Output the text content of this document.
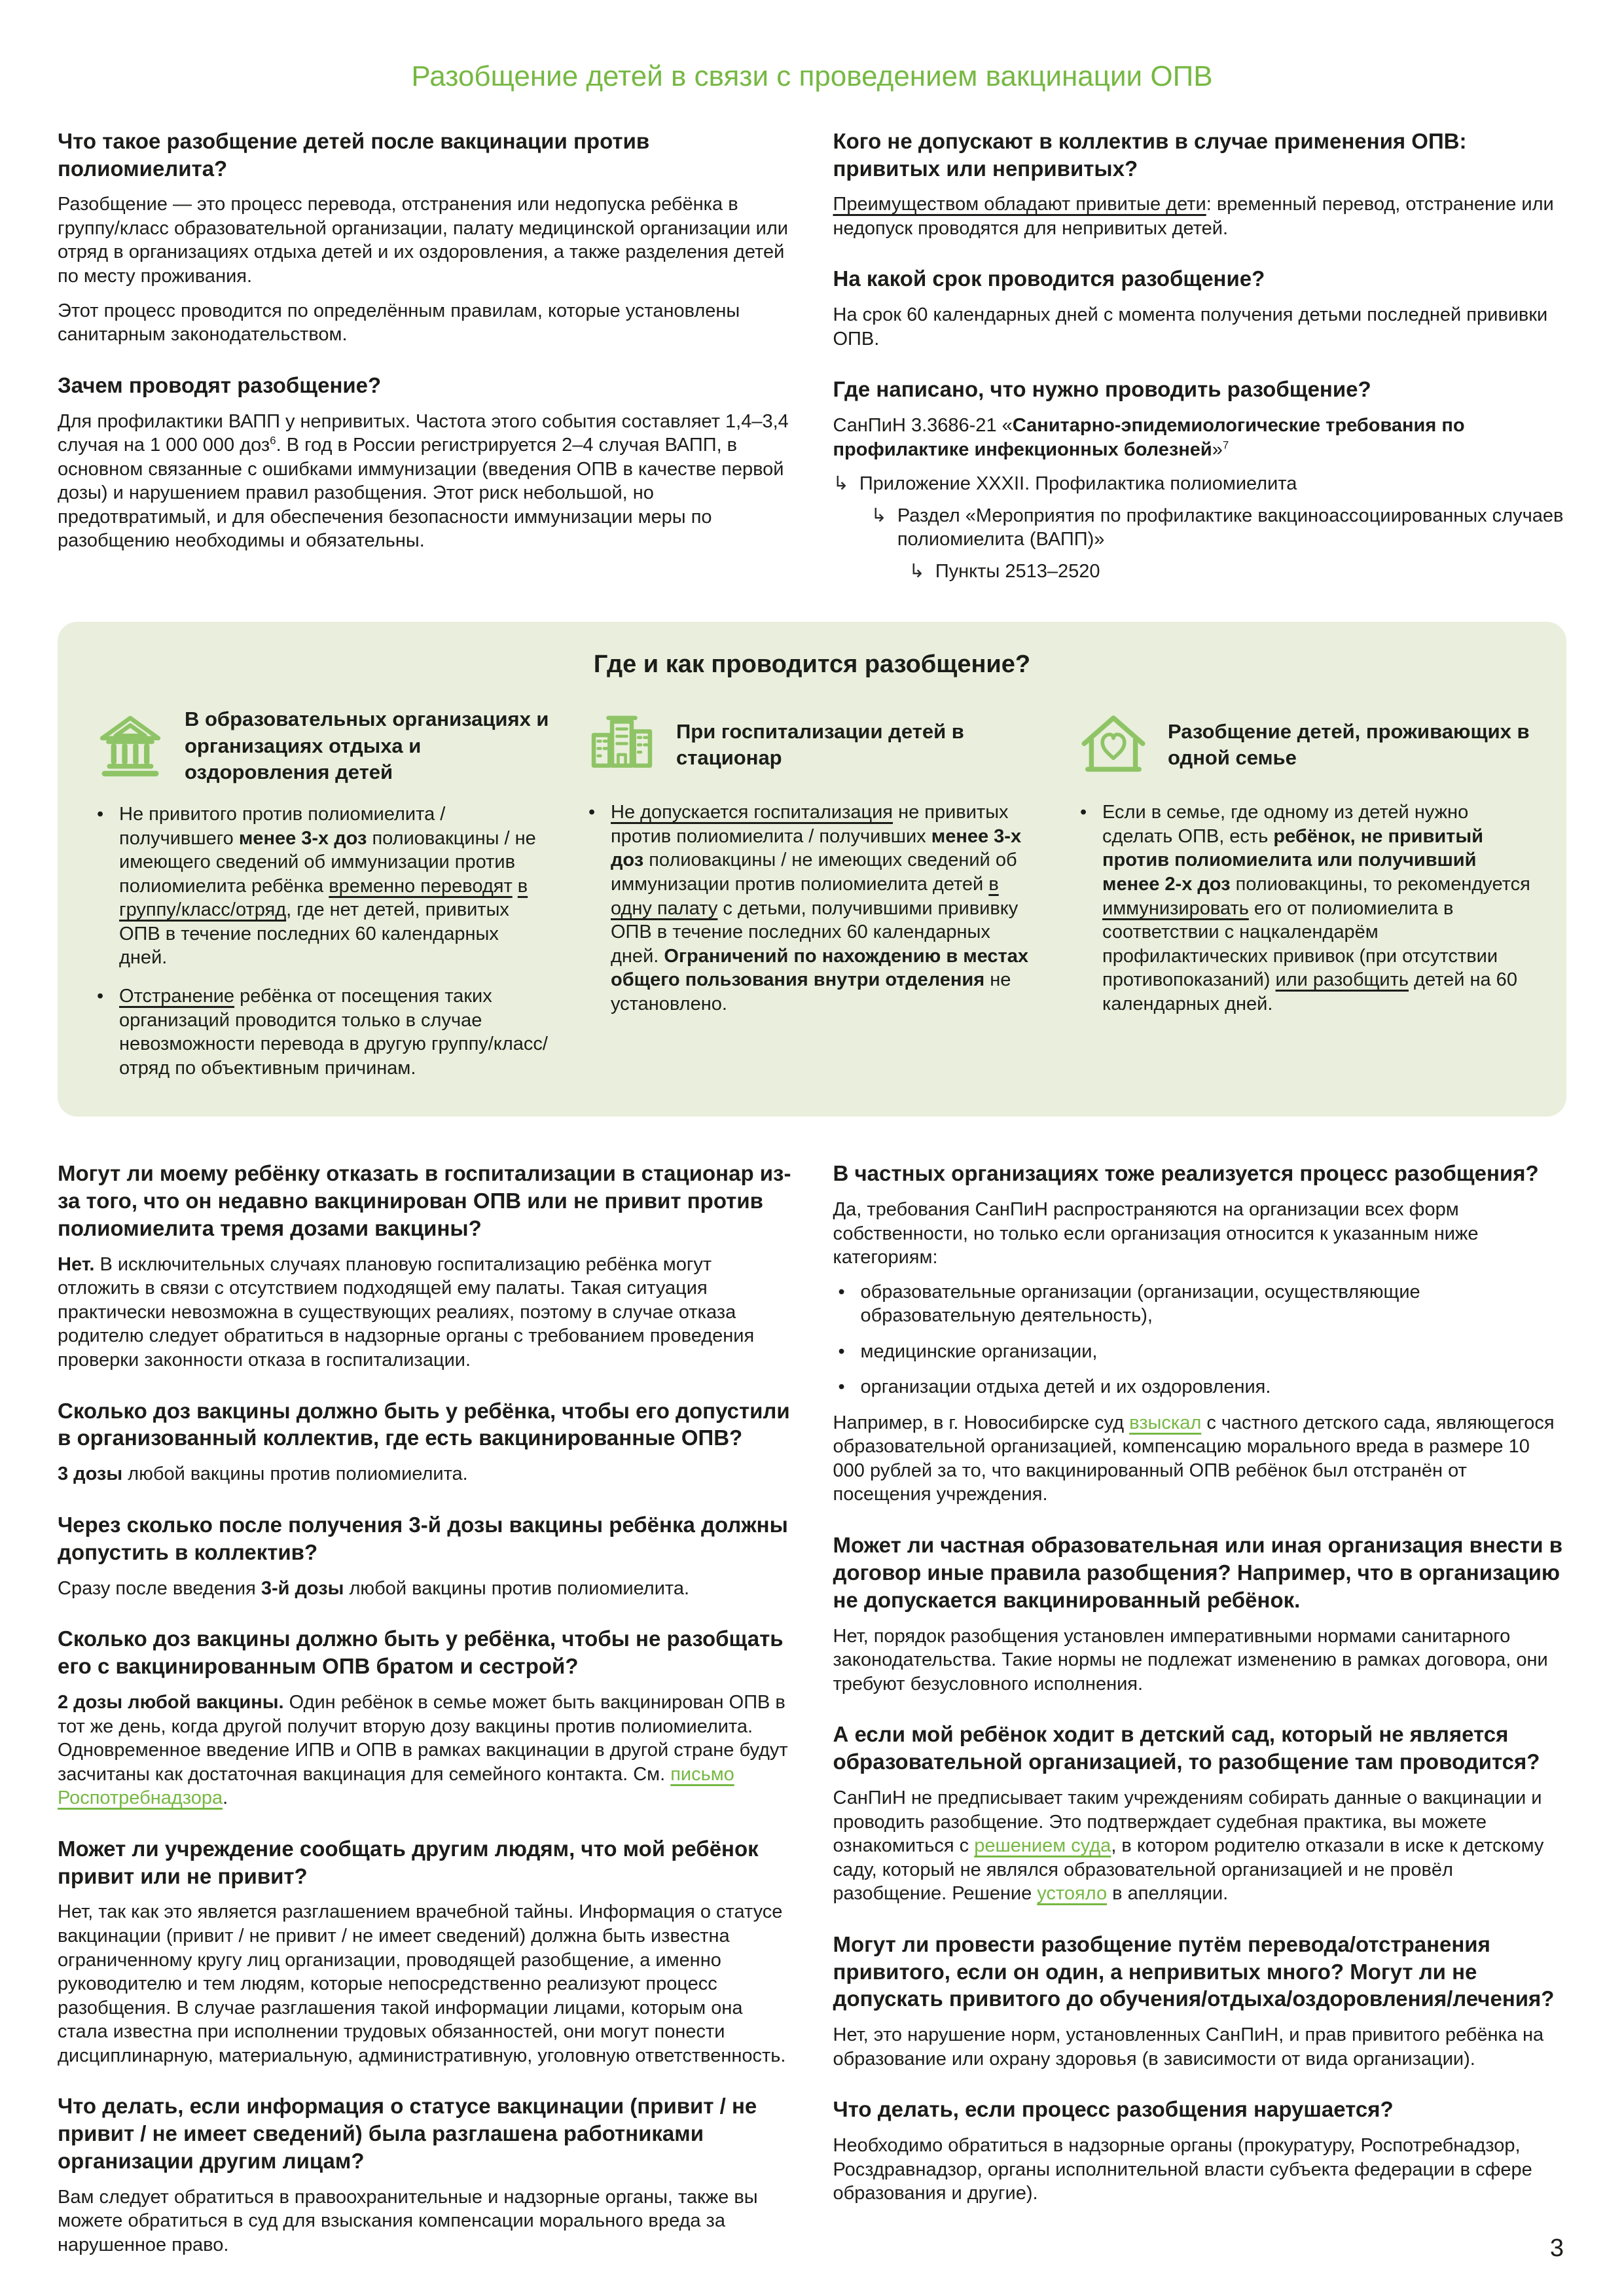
Разобщение детей в связи с проведением вакцинации ОПВ
Что такое разобщение детей после вакцинации против полиомиелита?

Разобщение — это процесс перевода, отстранения или недопуска ребёнка в группу/класс образовательной организации, палату медицинской организации или отряд в организациях отдыха детей и их оздоровления, а также разделения детей по месту проживания.

Этот процесс проводится по определённым правилам, которые установлены санитарным законодательством.

Зачем проводят разобщение?

Для профилактики ВАПП у непривитых. Частота этого события составляет 1,4–3,4 случая на 1 000 000 доз$^6$. В год в России регистрируется 2–4 случая ВАПП, в основном связанные с ошибками иммунизации (введения ОПВ в качестве первой дозы) и нарушением правил разобщения. Этот риск небольшой, но предотвратимый, и для обеспечения безопасности иммунизации меры по разобщению необходимы и обязательны.

Кого не допускают в коллектив в случае применения ОПВ: привитых или непривитых?

Преимуществом обладают привитые дети: временный перевод, отстранение или недопуск проводятся для непривитых детей.

На какой срок проводится разобщение?

На срок 60 календарных дней с момента получения детьми последней прививки ОПВ.

Где написано, что нужно проводить разобщение?

СанПиН 3.3686-21 «Санитарно-эпидемиологические требования по профилактике инфекционных болезней»$^7$

↳ Приложение XXXII. Профилактика полиомиелита
↳ Раздел «Мероприятия по профилактике вакциноассоциированных случаев полиомиелита (ВАПП)»
↳ Пункты 2513–2520
Где и как проводится разобщение?
В образовательных организациях и организациях отдыха и оздоровления детей
• Не привитого против полиомиелита / получившего менее 3-х доз полиовакцины / не имеющего сведений об иммунизации против полиомиелита ребёнка временно переводят в группу/класс/отряд, где нет детей, привитых ОПВ в течение последних 60 календарных дней.
• Отстранение ребёнка от посещения таких организаций проводится только в случае невозможности перевода в другую группу/класс/отряд по объективным причинам.
При госпитализации детей в стационар
• Не допускается госпитализация не привитых против полиомиелита / получивших менее 3-х доз полиовакцины / не имеющих сведений об иммунизации против полиомиелита детей в одну палату с детьми, получившими прививку ОПВ в течение последних 60 календарных дней. Ограничений по нахождению в местах общего пользования внутри отделения не установлено.
Разобщение детей, проживающих в одной семье
• Если в семье, где одному из детей нужно сделать ОПВ, есть ребёнок, не привитый против полиомиелита или получивший менее 2-х доз полиовакцины, то рекомендуется иммунизировать его от полиомиелита в соответствии с нацкалендарём профилактических прививок (при отсутствии противопоказаний) или разобщить детей на 60 календарных дней.
Могут ли моему ребёнку отказать в госпитализации в стационар из-за того, что он недавно вакцинирован ОПВ или не привит против полиомиелита тремя дозами вакцины?

Нет. В исключительных случаях плановую госпитализацию ребёнка могут отложить в связи с отсутствием подходящей ему палаты. Такая ситуация практически невозможна в существующих реалиях, поэтому в случае отказа родителю следует обратиться в надзорные органы с требованием проведения проверки законности отказа в госпитализации.

Сколько доз вакцины должно быть у ребёнка, чтобы его допустили в организованный коллектив, где есть вакцинированные ОПВ?

3 дозы любой вакцины против полиомиелита.

Через сколько после получения 3-й дозы вакцины ребёнка должны допустить в коллектив?

Сразу после введения 3-й дозы любой вакцины против полиомиелита.

Сколько доз вакцины должно быть у ребёнка, чтобы не разобщать его с вакцинированным ОПВ братом и сестрой?

2 дозы любой вакцины. Один ребёнок в семье может быть вакцинирован ОПВ в тот же день, когда другой получит вторую дозу вакцины против полиомиелита. Одновременное введение ИПВ и ОПВ в рамках вакцинации в другой стране будут засчитаны как достаточная вакцинация для семейного контакта. См. письмо Роспотребнадзора.

Может ли учреждение сообщать другим людям, что мой ребёнок привит или не привит?

Нет, так как это является разглашением врачебной тайны. Информация о статусе вакцинации (привит / не привит / не имеет сведений) должна быть известна ограниченному кругу лиц организации, проводящей разобщение, а именно руководителю и тем людям, которые непосредственно реализуют процесс разобщения. В случае разглашения такой информации лицами, которым она стала известна при исполнении трудовых обязанностей, они могут понести дисциплинарную, материальную, административную, уголовную ответственность.

Что делать, если информация о статусе вакцинации (привит / не привит / не имеет сведений) была разглашена работниками организации другим лицам?

Вам следует обратиться в правоохранительные и надзорные органы, также вы можете обратиться в суд для взыскания компенсации морального вреда за нарушенное право.

В частных организациях тоже реализуется процесс разобщения?

Да, требования СанПиН распространяются на организации всех форм собственности, но только если организация относится к указанным ниже категориям:

• образовательные организации (организации, осуществляющие образовательную деятельность),
• медицинские организации,
• организации отдыха детей и их оздоровления.

Например, в г. Новосибирске суд взыскал с частного детского сада, являющегося образовательной организацией, компенсацию морального вреда в размере 10 000 рублей за то, что вакцинированный ОПВ ребёнок был отстранён от посещения учреждения.

Может ли частная образовательная или иная организация внести в договор иные правила разобщения? Например, что в организацию не допускается вакцинированный ребёнок.

Нет, порядок разобщения установлен императивными нормами санитарного законодательства. Такие нормы не подлежат изменению в рамках договора, они требуют безусловного исполнения.

А если мой ребёнок ходит в детский сад, который не является образовательной организацией, то разобщение там проводится?

СанПиН не предписывает таким учреждениям собирать данные о вакцинации и проводить разобщение. Это подтверждает судебная практика, вы можете ознакомиться с решением суда, в котором родителю отказали в иске к детскому саду, который не являлся образовательной организацией и не провёл разобщение. Решение устояло в апелляции.

Могут ли провести разобщение путём перевода/отстранения привитого, если он один, а непривитых много? Могут ли не допускать привитого до обучения/отдыха/оздоровления/лечения?

Нет, это нарушение норм, установленных СанПиН, и прав привитого ребёнка на образование или охрану здоровья (в зависимости от вида организации).

Что делать, если процесс разобщения нарушается?

Необходимо обратиться в надзорные органы (прокуратуру, Роспотребнадзор, Росздравнадзор, органы исполнительной власти субъекта федерации в сфере образования и другие).

3
